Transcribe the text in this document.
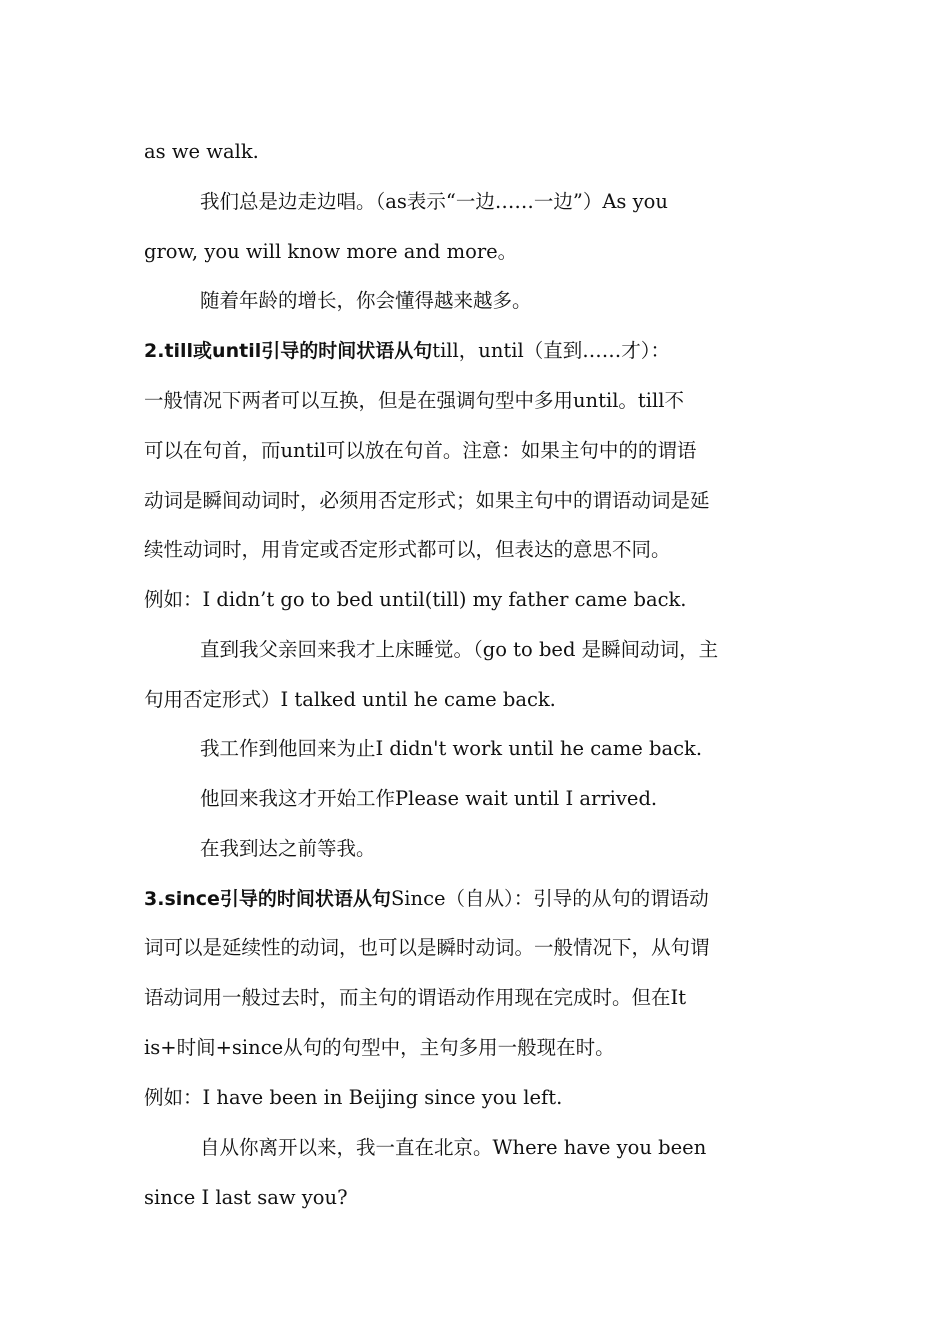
as we walk.
我们总是边走边唱。（as表示“一边……一边”）As you
grow, you will know more and more。
随着年龄的增长，你会懂得越来越多。
2.till或until引导的时间状语从句till，until（直到……才）：
一般情况下两者可以互换，但是在强调句型中多用until。till不
可以在句首，而until可以放在句首。注意：如果主句中的的谓语
动词是瞬间动词时，必须用否定形式；如果主句中的谓语动词是延
续性动词时，用肯定或否定形式都可以，但表达的意思不同。
例如：I didn’t go to bed until(till) my father came back.
直到我父亲回来我才上床睡觉。（go to bed 是瞬间动词，主
句用否定形式）I talked until he came back.
我工作到他回来为止I didn't work until he came back.
他回来我这才开始工作Please wait until I arrived.
在我到达之前等我。
3.since引导的时间状语从句Since（自从）：引导的从句的谓语动
词可以是延续性的动词，也可以是瞬时动词。一般情况下，从句谓
语动词用一般过去时，而主句的谓语动作用现在完成时。但在It
is+时间+since从句的句型中，主句多用一般现在时。
例如：I have been in Beijing since you left.
自从你离开以来，我一直在北京。Where have you been
since I last saw you?
